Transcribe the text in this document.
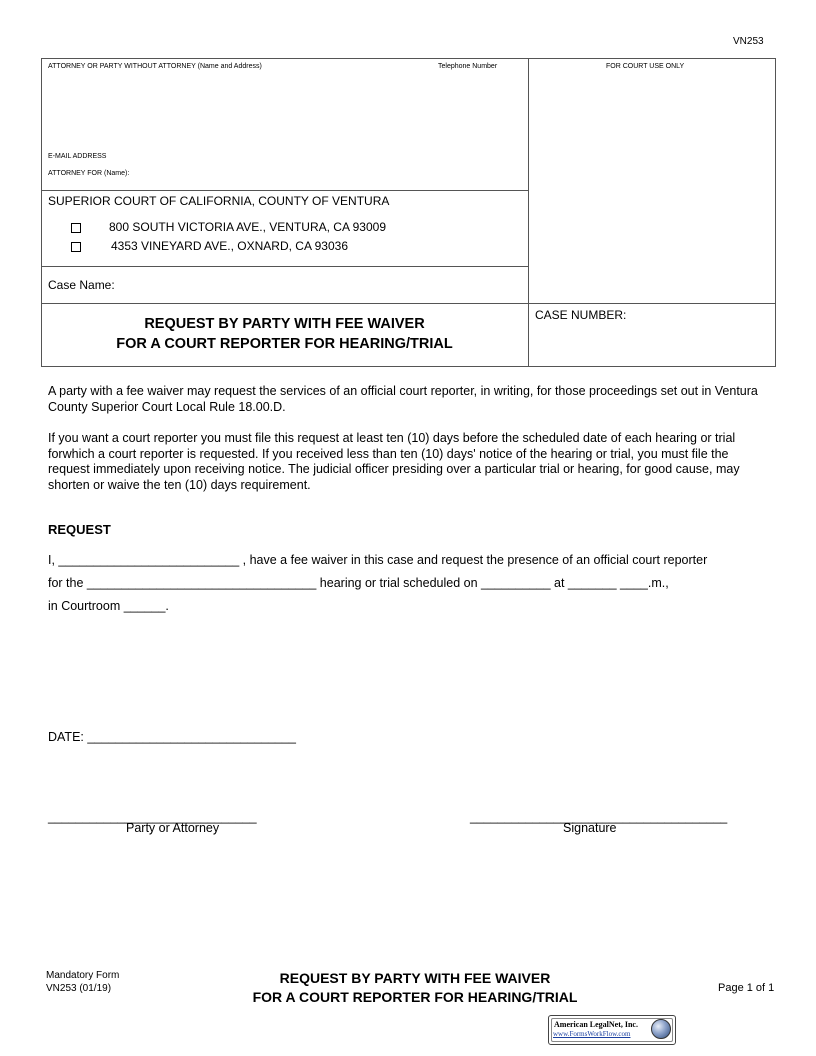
VN253
ATTORNEY OR PARTY WITHOUT ATTORNEY (Name and Address)	Telephone Number	FOR COURT USE ONLY
E-MAIL ADDRESS
ATTORNEY FOR (Name):
SUPERIOR COURT OF CALIFORNIA, COUNTY OF VENTURA
800 SOUTH VICTORIA AVE., VENTURA, CA 93009
4353 VINEYARD AVE., OXNARD, CA 93036
Case Name:
CASE NUMBER:
REQUEST BY PARTY WITH FEE WAIVER
FOR A COURT REPORTER FOR HEARING/TRIAL
A party with a fee waiver may request the services of an official court reporter, in writing, for those proceedings set out in Ventura County Superior Court Local Rule 18.00.D.
If you want a court reporter you must file this request at least ten (10) days before the scheduled date of each hearing or trial forwhich a court reporter is requested. If you received less than ten (10) days' notice of the hearing or trial, you must file the request immediately upon receiving notice. The judicial officer presiding over a particular trial or hearing, for good cause, may shorten or waive the ten (10) days requirement.
REQUEST
I, __________________________ , have a fee waiver in this case and request the presence of an official court reporter
for the _________________________________ hearing or trial scheduled on __________ at _______ ____.m.,
in Courtroom ______.
DATE: ______________________________
______________________________
Party or Attorney
_____________________________________
Signature
Mandatory Form
VN253 (01/19)
REQUEST BY PARTY WITH FEE WAIVER
FOR A COURT REPORTER FOR HEARING/TRIAL
Page 1 of 1
American LegalNet, Inc.
www.FormsWorkFlow.com
